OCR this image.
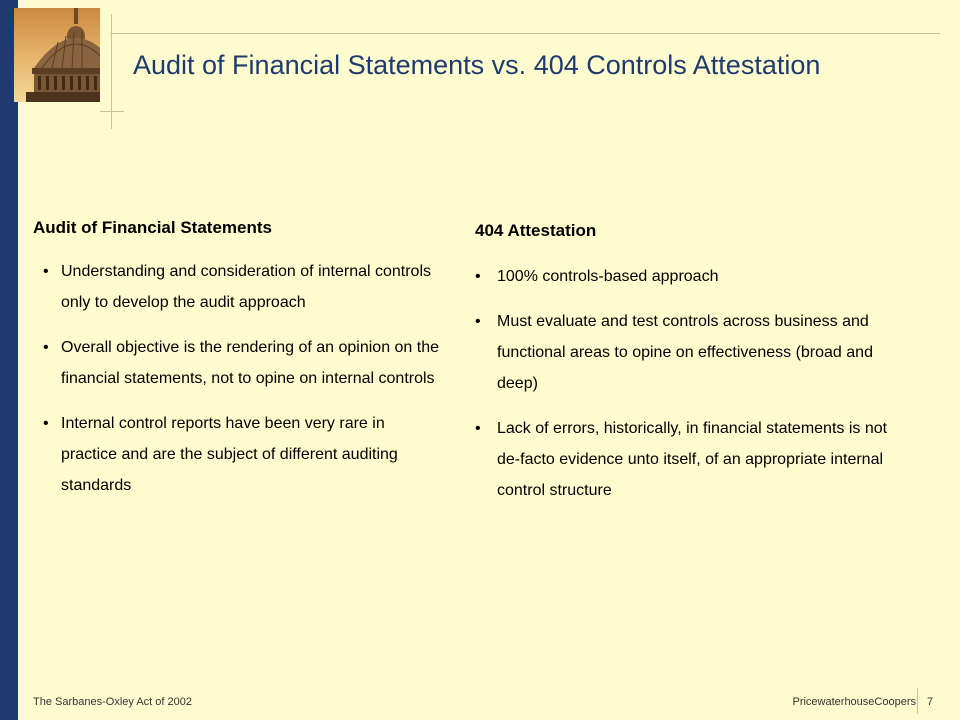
Audit of Financial Statements vs. 404 Controls Attestation
Audit of Financial Statements
• Understanding and consideration of internal controls only to develop the audit approach
• Overall objective is the rendering of an opinion on the financial statements, not to opine on internal controls
• Internal control reports have been very rare in practice and are the subject of different auditing standards
404 Attestation
• 100% controls-based approach
• Must evaluate and test controls across business and functional areas to opine on effectiveness (broad and deep)
• Lack of errors, historically, in financial statements is not de-facto evidence unto itself, of an appropriate internal control structure
The Sarbanes-Oxley Act of 2002	PricewaterhouseCoopers 7
